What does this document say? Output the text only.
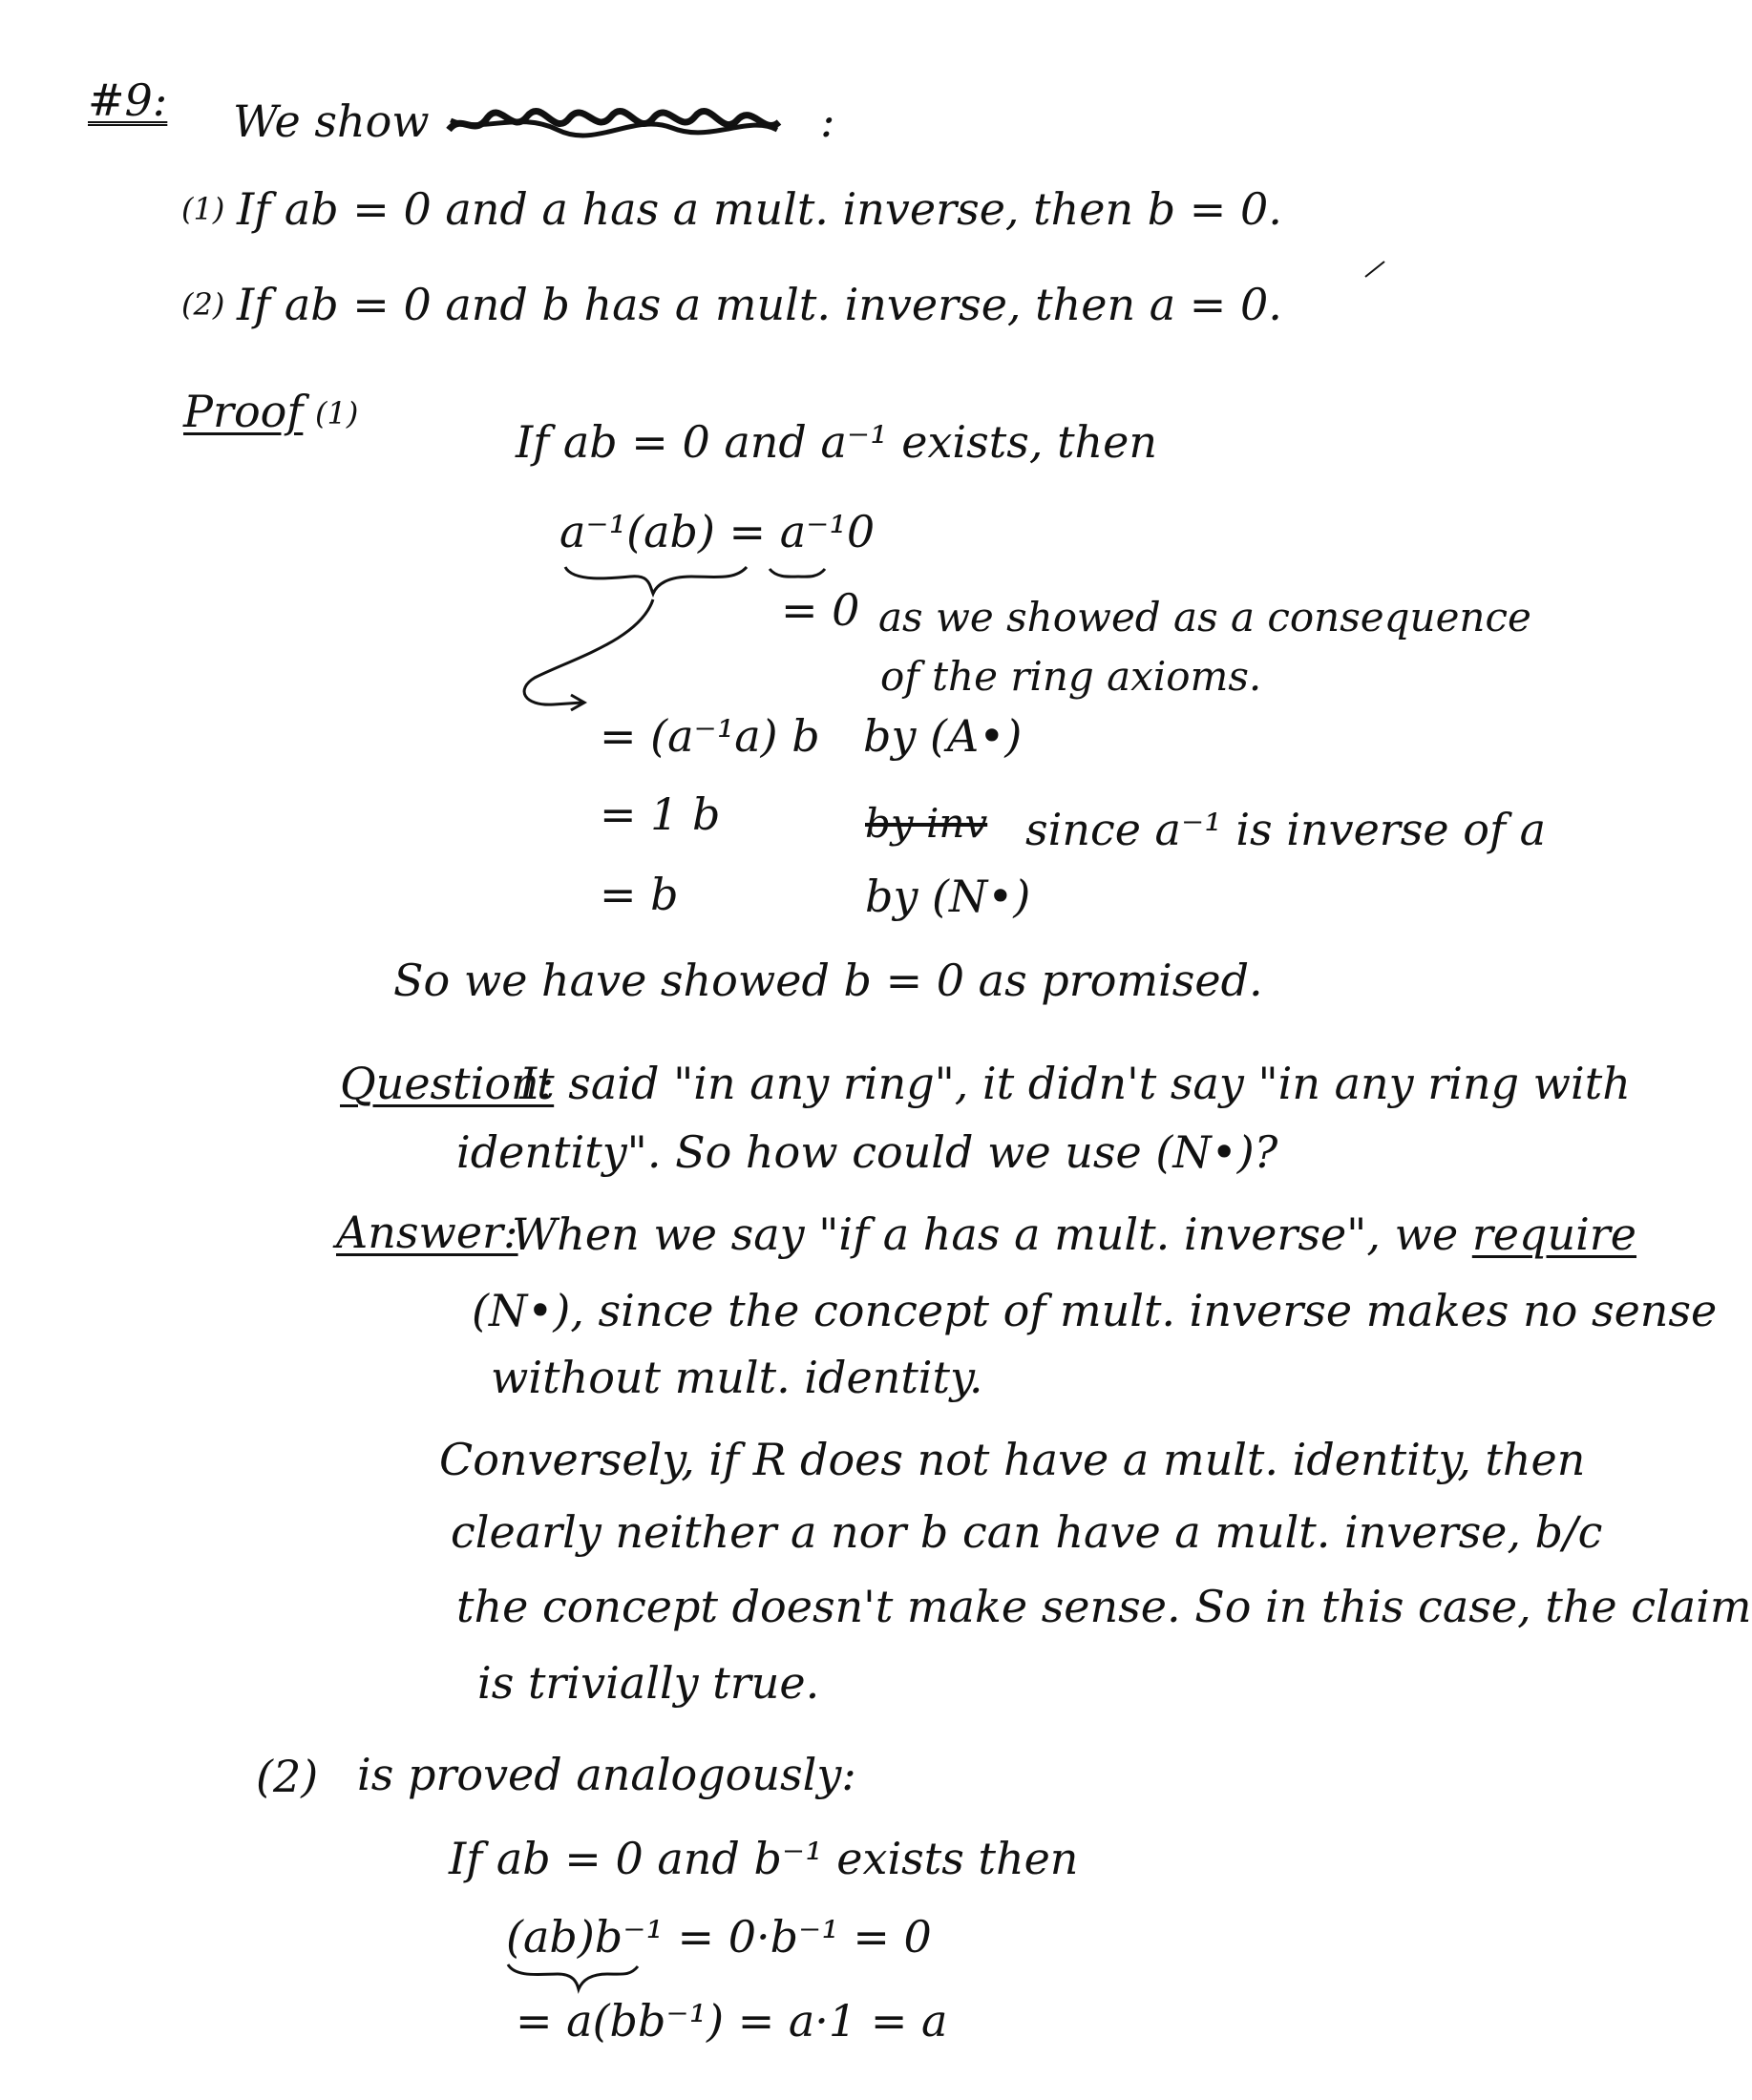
#9: We show	:
(1) If ab = 0 and a has a mult. inverse, then b = 0.
(2) If ab = 0 and b has a mult. inverse, then a = 0.
Proof (1)
If ab = 0 and a⁻¹ exists, then
a⁻¹(ab) = a⁻¹0
= 0 as we showed as a consequence
of the ring axioms.
= (a⁻¹a) b by (A•)
= 1 b	by inv since a⁻¹ is inverse of a
= b	by (N•)
So we have showed b = 0 as promised.
Question:
It said "in any ring", it didn't say "in any ring with
identity". So how could we use (N•)?
Answer:
When we say "if a has a mult. inverse", we require
(N•), since the concept of mult. inverse makes no sense
without mult. identity.
Conversely, if R does not have a mult. identity, then
clearly neither a nor b can have a mult. inverse, b/c
the concept doesn't make sense. So in this case, the claim
is trivially true.
(2) is proved analogously:
If ab = 0 and b⁻¹ exists then
(ab)b⁻¹ = 0·b⁻¹ = 0
= a(bb⁻¹) = a·1 = a
